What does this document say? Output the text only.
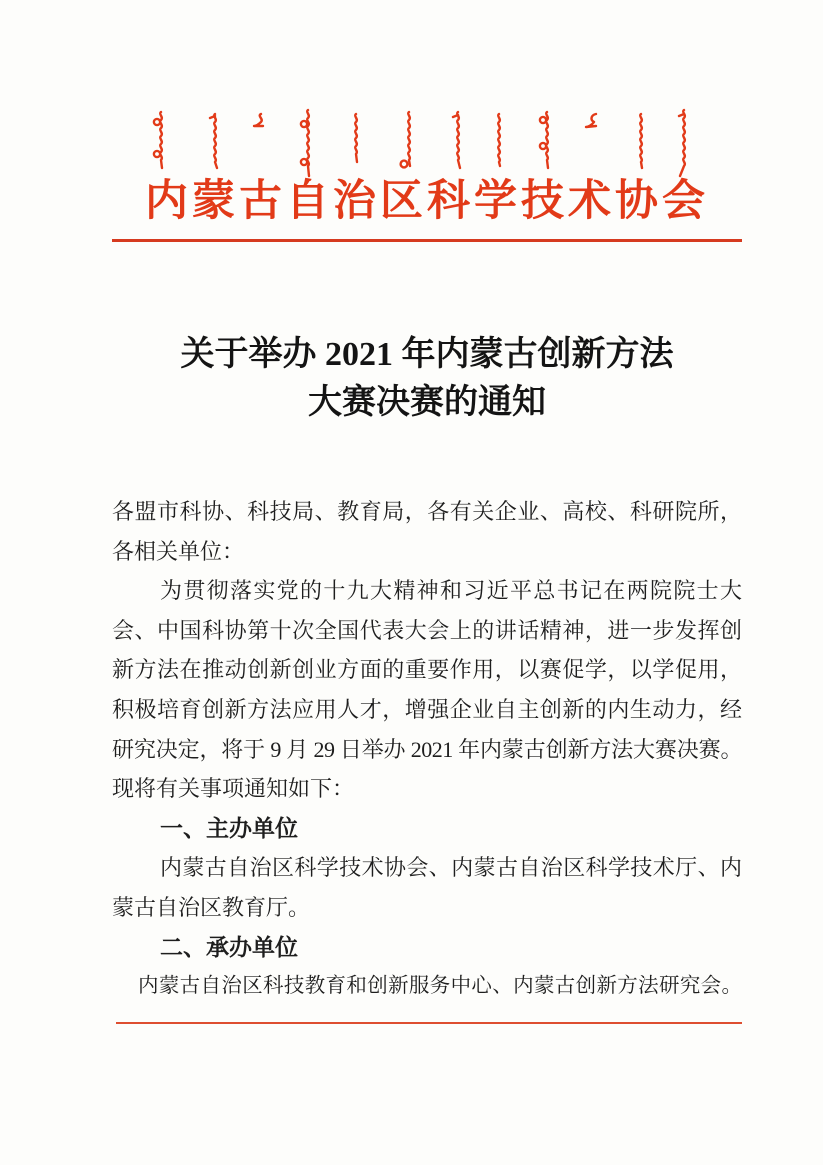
内蒙古自治区科学技术协会
关于举办 2021 年内蒙古创新方法
大赛决赛的通知
各盟市科协、科技局、教育局，各有关企业、高校、科研院所，
各相关单位：
为贯彻落实党的十九大精神和习近平总书记在两院院士大
会、中国科协第十次全国代表大会上的讲话精神，进一步发挥创
新方法在推动创新创业方面的重要作用，以赛促学，以学促用，
积极培育创新方法应用人才，增强企业自主创新的内生动力，经
研究决定，将于 9 月 29 日举办 2021 年内蒙古创新方法大赛决赛。
现将有关事项通知如下：
一、主办单位
内蒙古自治区科学技术协会、内蒙古自治区科学技术厅、内
蒙古自治区教育厅。
二、承办单位
内蒙古自治区科技教育和创新服务中心、内蒙古创新方法研究会。
